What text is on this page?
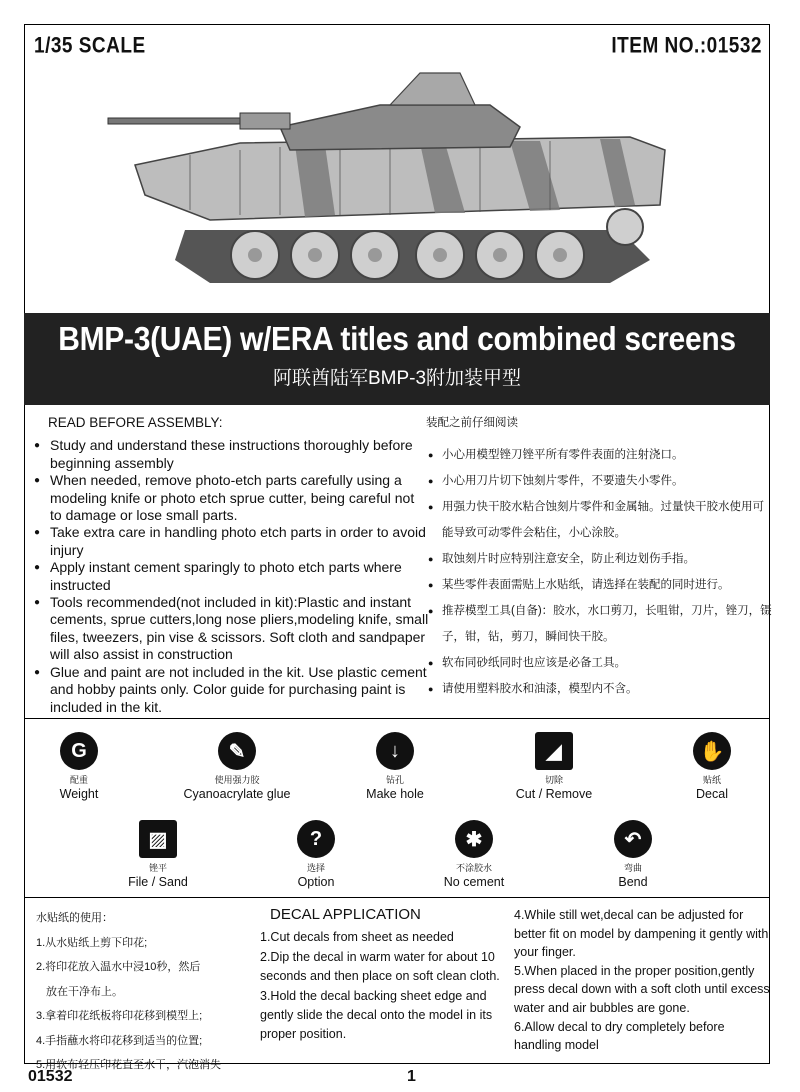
1/35 SCALE	ITEM NO.:01532
BMP-3(UAE) w/ERA titles and combined screens
阿联酋陆军BMP-3附加装甲型
READ BEFORE ASSEMBLY:
● Study and understand these instructions thoroughly before beginning assembly
● When needed, remove photo-etch parts carefully using a modeling knife or photo etch sprue cutter, being careful not to damage or lose small parts.
● Take extra care in handling photo etch parts in order to avoid injury
● Apply instant cement sparingly to photo etch parts where instructed
● Tools recommended(not included in kit):Plastic and instant cements, sprue cutters,long nose pliers,modeling knife, small files, tweezers, pin vise & scissors. Soft cloth and sandpaper will also assist in construction
● Glue and paint are not included in the kit. Use plastic cement and hobby paints only. Color guide for purchasing paint is included in the kit.
装配之前仔细阅读
● 小心用模型锉刀锉平所有零件表面的注射浇口。
● 小心用刀片切下蚀刻片零件，不要遗失小零件。
● 用强力快干胶水粘合蚀刻片零件和金属轴。过量快干胶水使用可能导致可动零件会粘住，小心涂胶。
● 取蚀刻片时应特别注意安全，防止利边划伤手指。
● 某些零件表面需贴上水贴纸，请选择在装配的同时进行。
● 推荐模型工具(自备)：胶水，水口剪刀，长咀钳，刀片，锉刀，镊子，钳，钻，剪刀，瞬间快干胶。
● 软布同砂纸同时也应该是必备工具。
● 请使用塑料胶水和油漆，模型内不含。
G
配重
Weight
✎
使用强力胶
Cyanoacrylate glue
↓
钻孔
Make hole
◢
切除
Cut / Remove
✋
贴纸
Decal
▨
锉平
File / Sand
?
选择
Option
✱
不涂胶水
No cement
↶
弯曲
Bend
水贴纸的使用：
1.从水贴纸上剪下印花;
2.将印花放入温水中浸10秒，然后
放在干净布上。
3.拿着印花纸板将印花移到模型上;
4.手指蘸水将印花移到适当的位置;
5.用软布轻压印花直至水干，汽泡消失
DECAL APPLICATION
1.Cut decals from sheet as needed
2.Dip the decal in warm water for about 10 seconds and then place on soft clean cloth.
3.Hold the decal backing sheet edge and gently slide the decal onto the model in its proper position.
4.While still wet,decal can be adjusted for better fit on model by dampening it gently with your finger.
5.When placed in the proper position,gently press decal down with a soft cloth until excess water and air bubbles are gone.
6.Allow decal to dry completely before handling model
01532	1
